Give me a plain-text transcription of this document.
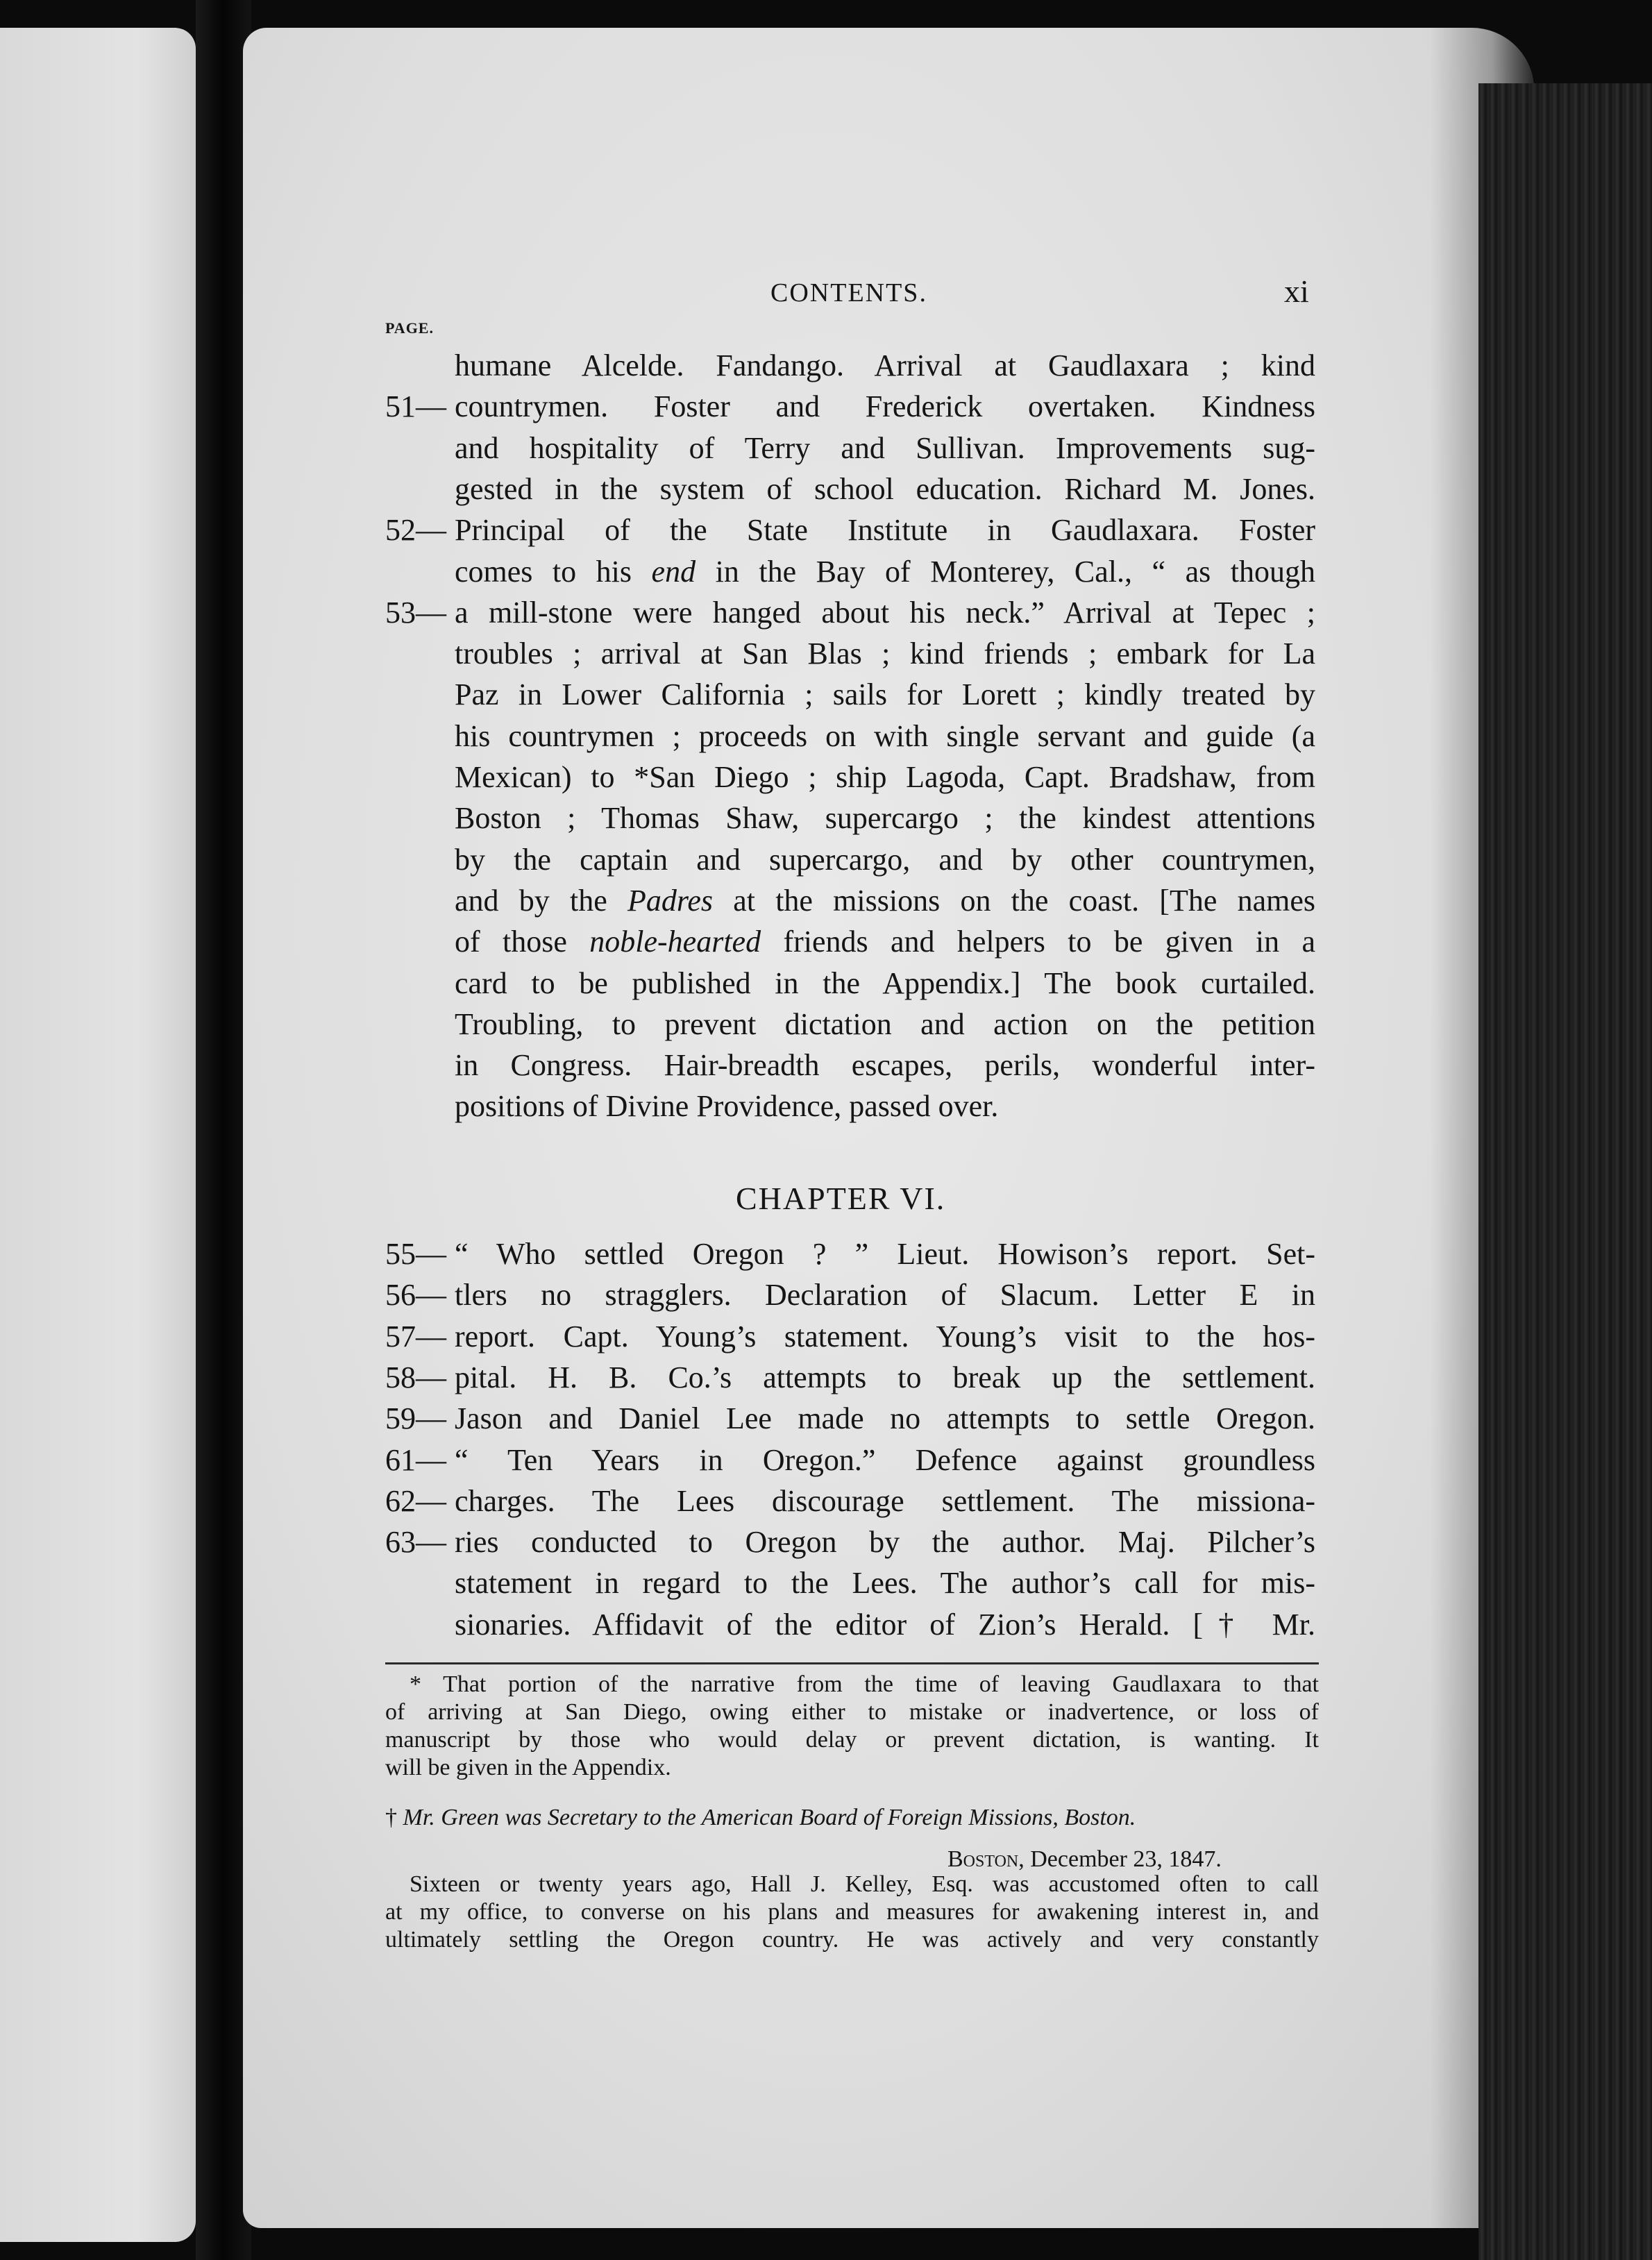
CONTENTS.	xi
PAGE.
humane Alcelde. Fandango. Arrival at Gaudlaxara ; kind
51— countrymen. Foster and Frederick overtaken. Kindness
and hospitality of Terry and Sullivan. Improvements sug-
gested in the system of school education. Richard M. Jones.
52— Principal of the State Institute in Gaudlaxara. Foster
comes to his end in the Bay of Monterey, Cal., “ as though
53— a mill-stone were hanged about his neck.” Arrival at Tepec ;
troubles ; arrival at San Blas ; kind friends ; embark for La
Paz in Lower California ; sails for Lorett ; kindly treated by
his countrymen ; proceeds on with single servant and guide (a
Mexican) to *San Diego ; ship Lagoda, Capt. Bradshaw, from
Boston ; Thomas Shaw, supercargo ; the kindest attentions
by the captain and supercargo, and by other countrymen,
and by the Padres at the missions on the coast. [The names
of those noble-hearted friends and helpers to be given in a
card to be published in the Appendix.] The book curtailed.
Troubling, to prevent dictation and action on the petition
in Congress. Hair-breadth escapes, perils, wonderful inter-
positions of Divine Providence, passed over.
CHAPTER VI.
55— “ Who settled Oregon ? ” Lieut. Howison’s report. Set-
56— tlers no stragglers. Declaration of Slacum. Letter E in
57— report. Capt. Young’s statement. Young’s visit to the hos-
58— pital. H. B. Co.’s attempts to break up the settlement.
59— Jason and Daniel Lee made no attempts to settle Oregon.
61— “ Ten Years in Oregon.” Defence against groundless
62— charges. The Lees discourage settlement. The missiona-
63— ries conducted to Oregon by the author. Maj. Pilcher’s
statement in regard to the Lees. The author’s call for mis-
sionaries. Affidavit of the editor of Zion’s Herald. [† Mr.
* That portion of the narrative from the time of leaving Gaudlaxara to that
of arriving at San Diego, owing either to mistake or inadvertence, or loss of
manuscript by those who would delay or prevent dictation, is wanting. It
will be given in the Appendix.
† Mr. Green was Secretary to the American Board of Foreign Missions, Boston.
Boston, December 23, 1847.
Sixteen or twenty years ago, Hall J. Kelley, Esq. was accustomed often to call
at my office, to converse on his plans and measures for awakening interest in, and
ultimately settling the Oregon country. He was actively and very constantly
